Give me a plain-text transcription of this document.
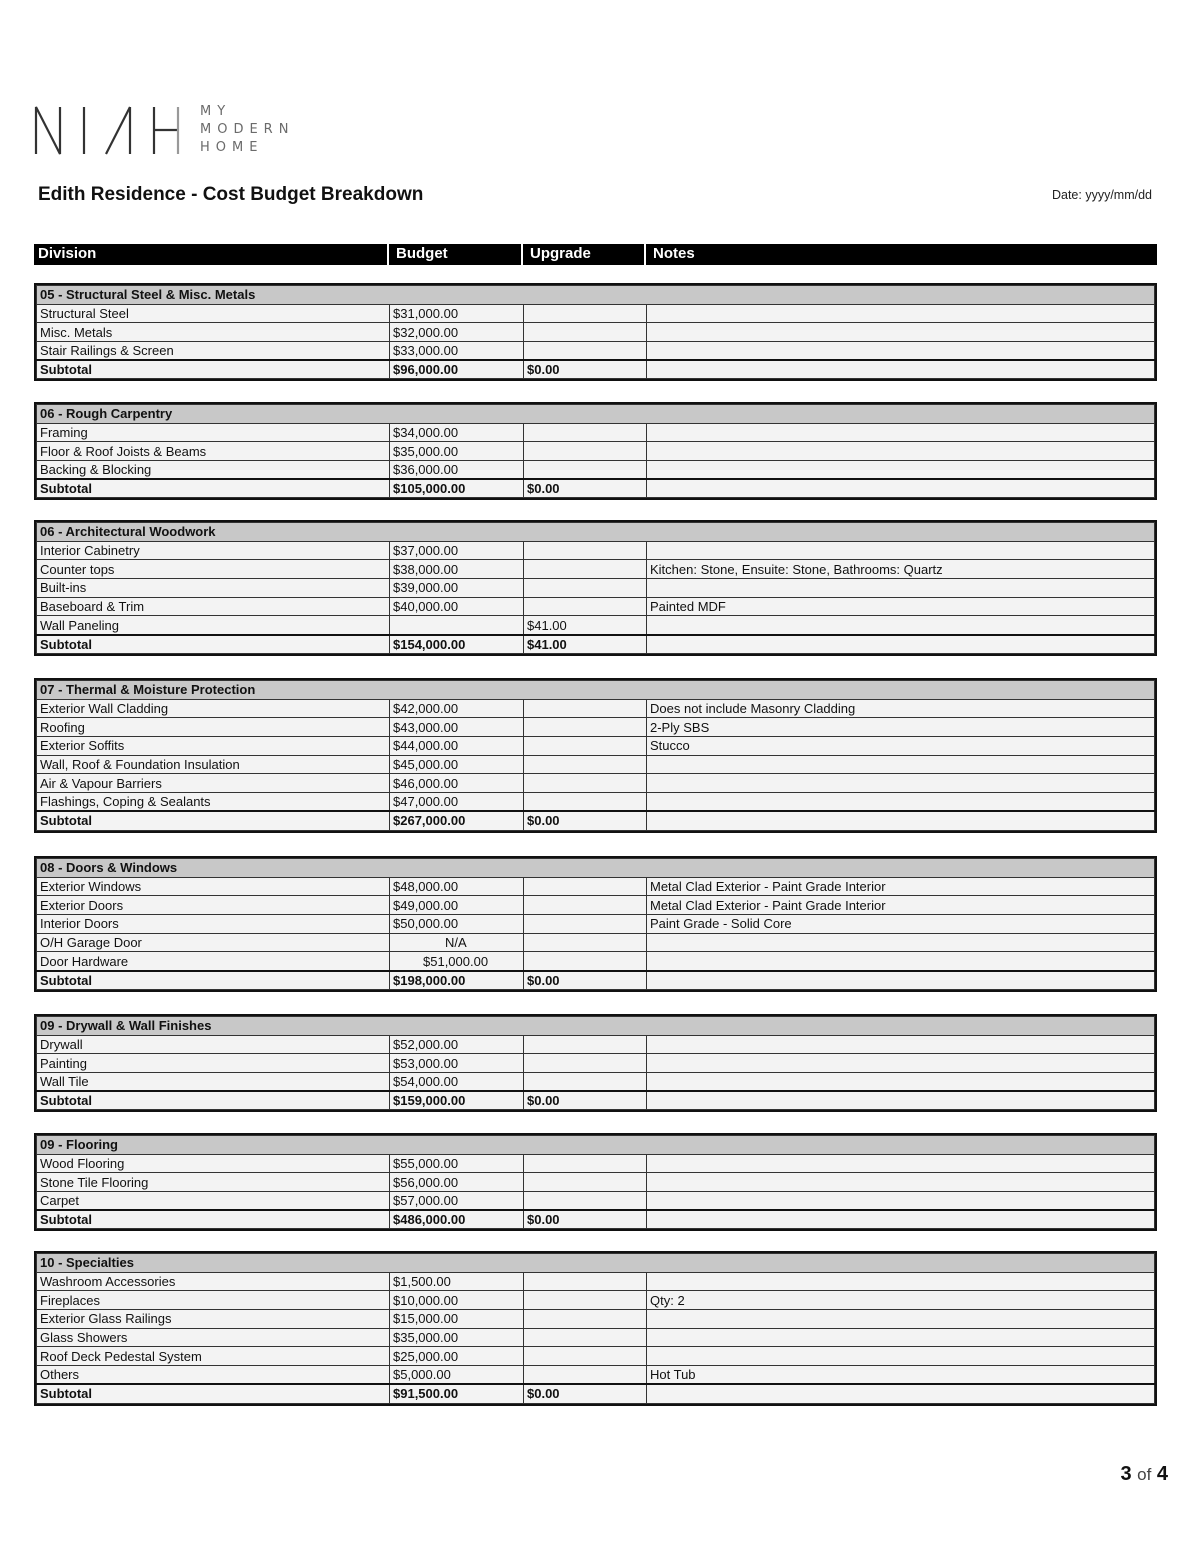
MY
MODERN
HOME
Edith Residence - Cost Budget Breakdown	Date: yyyy/mm/dd
Division	Budget	Upgrade	Notes
05 - Structural Steel & Misc. Metals			
Structural Steel	$31,000.00		
Misc. Metals	$32,000.00		
Stair Railings & Screen	$33,000.00		
Subtotal	$96,000.00	$0.00	
06 - Rough Carpentry			
Framing	$34,000.00		
Floor & Roof Joists & Beams	$35,000.00		
Backing & Blocking	$36,000.00		
Subtotal	$105,000.00	$0.00	
06 - Architectural Woodwork			
Interior Cabinetry	$37,000.00		
Counter tops	$38,000.00		Kitchen: Stone, Ensuite: Stone, Bathrooms: Quartz
Built-ins	$39,000.00		
Baseboard & Trim	$40,000.00		Painted MDF
Wall Paneling		$41.00	
Subtotal	$154,000.00	$41.00	
07 - Thermal & Moisture Protection			
Exterior Wall Cladding	$42,000.00		Does not include Masonry Cladding
Roofing	$43,000.00		2-Ply SBS
Exterior Soffits	$44,000.00		Stucco
Wall, Roof & Foundation Insulation	$45,000.00		
Air & Vapour Barriers	$46,000.00		
Flashings, Coping & Sealants	$47,000.00		
Subtotal	$267,000.00	$0.00	
08 - Doors & Windows			
Exterior Windows	$48,000.00		Metal Clad Exterior - Paint Grade Interior
Exterior Doors	$49,000.00		Metal Clad Exterior - Paint Grade Interior
Interior Doors	$50,000.00		Paint Grade - Solid Core
O/H Garage Door	N/A		
Door Hardware	$51,000.00		
Subtotal	$198,000.00	$0.00	
09 - Drywall & Wall Finishes			
Drywall	$52,000.00		
Painting	$53,000.00		
Wall Tile	$54,000.00		
Subtotal	$159,000.00	$0.00	
09 - Flooring			
Wood Flooring	$55,000.00		
Stone Tile Flooring	$56,000.00		
Carpet	$57,000.00		
Subtotal	$486,000.00	$0.00	
10 - Specialties			
Washroom Accessories	$1,500.00		
Fireplaces	$10,000.00		Qty: 2
Exterior Glass Railings	$15,000.00		
Glass Showers	$35,000.00		
Roof Deck Pedestal System	$25,000.00		
Others	$5,000.00		Hot Tub
Subtotal	$91,500.00	$0.00	
3 of 4
